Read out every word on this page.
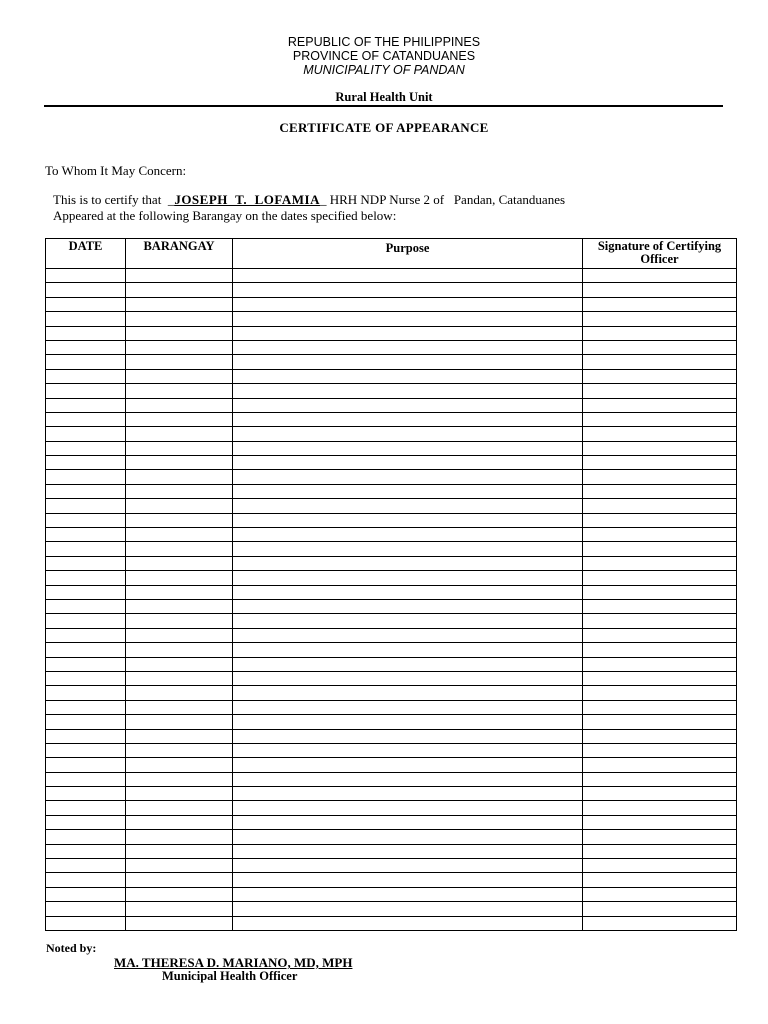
REPUBLIC OF THE PHILIPPINES
PROVINCE OF CATANDUANES
MUNICIPALITY OF PANDAN
Rural Health Unit
CERTIFICATE OF APPEARANCE
To Whom It May Concern:
This is to certify that  _JOSEPH  T.  LOFAMIA_ HRH NDP Nurse 2 of Pandan, Catanduanes
Appeared at the following Barangay on the dates specified below:
DATE	BARANGAY	Purpose	Signature of Certifying Officer

Noted by:
MA. THERESA D. MARIANO, MD, MPH
Municipal Health Officer
